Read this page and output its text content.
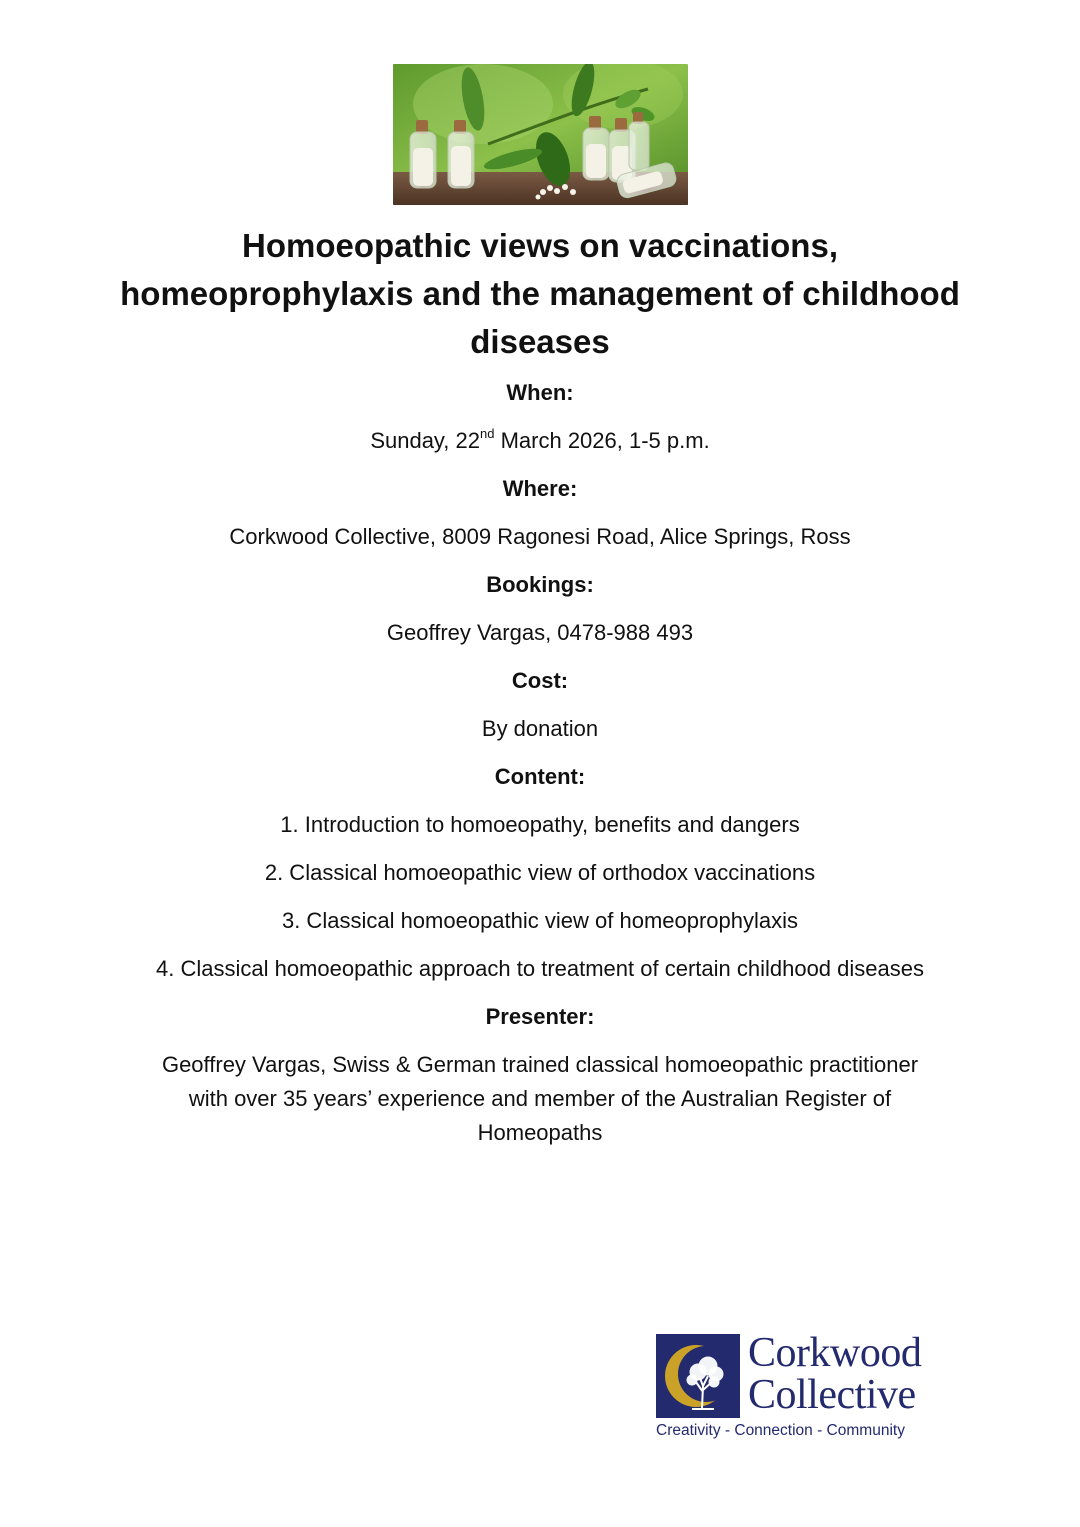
Homoeopathic views on vaccinations, homeoprophylaxis and the management of childhood diseases
When:
Sunday, 22nd March 2026, 1-5 p.m.
Where:
Corkwood Collective, 8009 Ragonesi Road, Alice Springs, Ross
Bookings:
Geoffrey Vargas, 0478-988 493
Cost:
By donation
Content:
1. Introduction to homoeopathy, benefits and dangers
2. Classical homoeopathic view of orthodox vaccinations
3. Classical homoeopathic view of homeoprophylaxis
4. Classical homoeopathic approach to treatment of certain childhood diseases
Presenter:
Geoffrey Vargas, Swiss & German trained classical homoeopathic practitioner with over 35 years’ experience and member of the Australian Register of Homeopaths
Corkwood
Collective
Creativity - Connection - Community
